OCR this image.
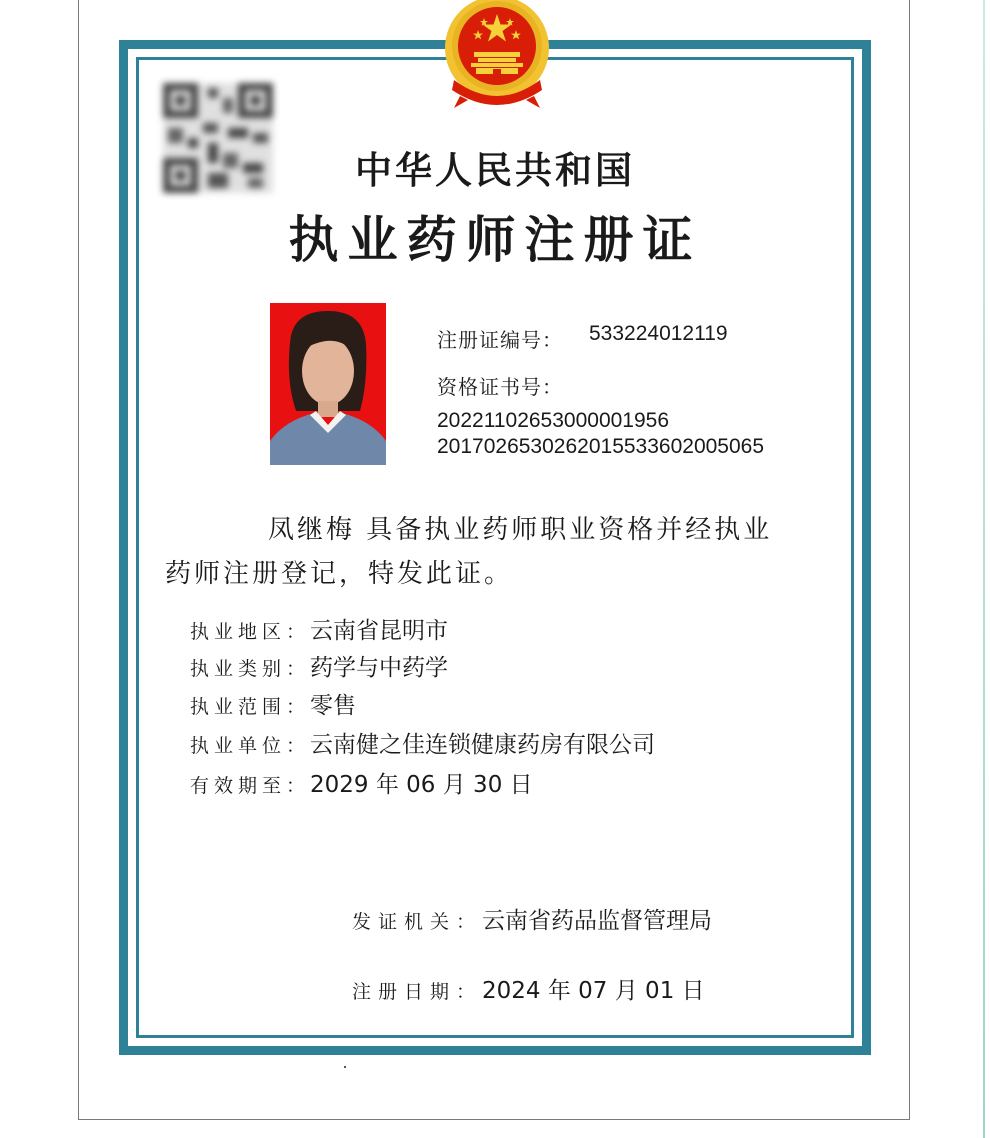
中华人民共和国
执业药师注册证
注册证编号： 533224012119
资格证书号：
20221102653000001956
2017026530262015533602005065
凤继梅 具备执业药师职业资格并经执业
药师注册登记，特发此证。
执业地区：云南省昆明市
执业类别：药学与中药学
执业范围：零售
执业单位：云南健之佳连锁健康药房有限公司
有效期至：2029 年 06 月 30 日
发证机关：云南省药品监督管理局
注册日期：2024 年 07 月 01 日
